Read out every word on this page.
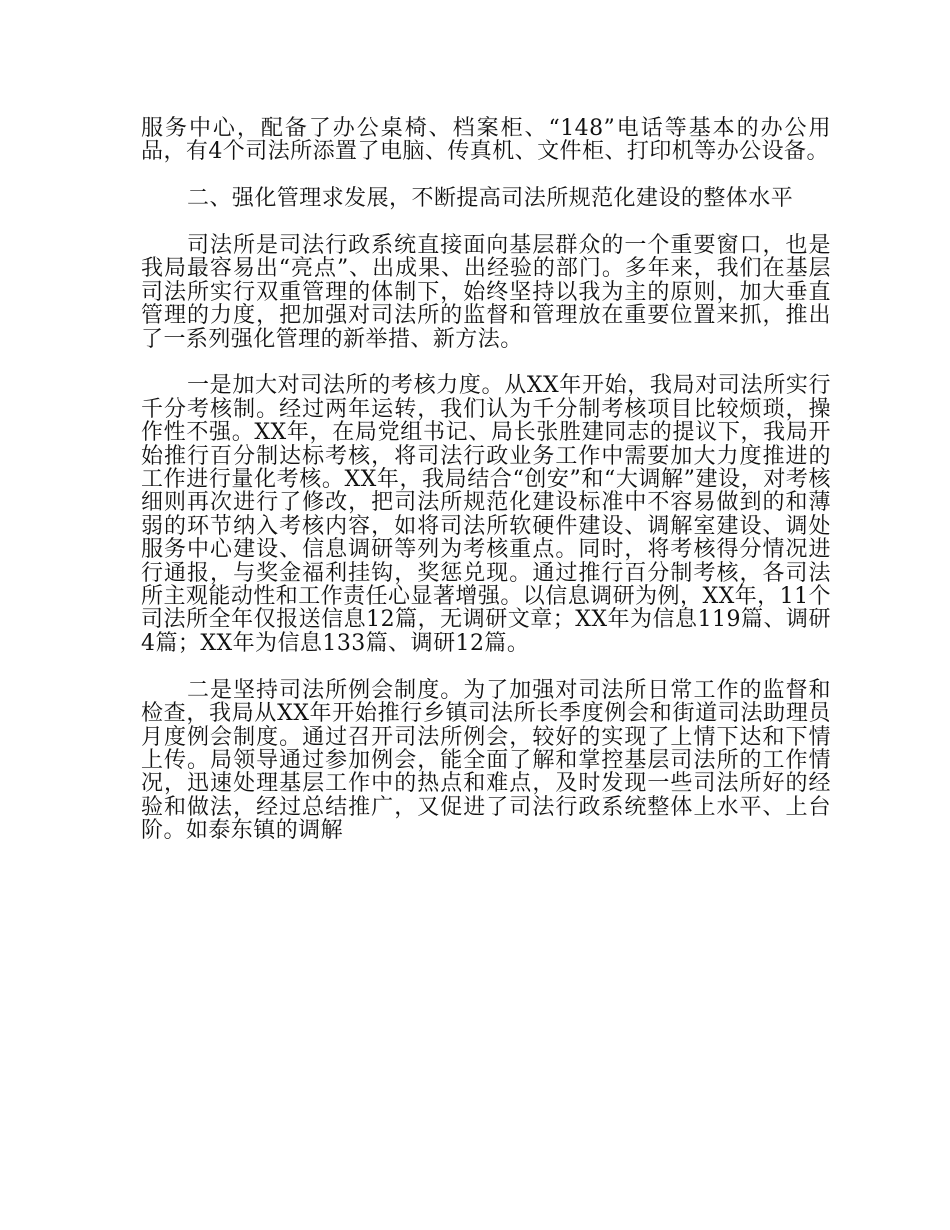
服务中心，配备了办公桌椅、档案柜、“148”电话等基本的办公用品，有4个司法所添置了电脑、传真机、文件柜、打印机等办公设备。

二、强化管理求发展，不断提高司法所规范化建设的整体水平

司法所是司法行政系统直接面向基层群众的一个重要窗口，也是我局最容易出“亮点”、出成果、出经验的部门。多年来，我们在基层司法所实行双重管理的体制下，始终坚持以我为主的原则，加大垂直管理的力度，把加强对司法所的监督和管理放在重要位置来抓，推出了一系列强化管理的新举措、新方法。

一是加大对司法所的考核力度。从XX年开始，我局对司法所实行千分考核制。经过两年运转，我们认为千分制考核项目比较烦琐，操作性不强。XX年，在局党组书记、局长张胜建同志的提议下，我局开始推行百分制达标考核，将司法行政业务工作中需要加大力度推进的工作进行量化考核。XX年，我局结合“创安”和“大调解”建设，对考核细则再次进行了修改，把司法所规范化建设标准中不容易做到的和薄弱的环节纳入考核内容，如将司法所软硬件建设、调解室建设、调处服务中心建设、信息调研等列为考核重点。同时，将考核得分情况进行通报，与奖金福利挂钩，奖惩兑现。通过推行百分制考核，各司法所主观能动性和工作责任心显著增强。以信息调研为例，XX年，11个司法所全年仅报送信息12篇，无调研文章；XX年为信息119篇、调研4篇；XX年为信息133篇、调研12篇。

二是坚持司法所例会制度。为了加强对司法所日常工作的监督和检查，我局从XX年开始推行乡镇司法所长季度例会和街道司法助理员月度例会制度。通过召开司法所例会，较好的实现了上情下达和下情上传。局领导通过参加例会，能全面了解和掌控基层司法所的工作情况，迅速处理基层工作中的热点和难点，及时发现一些司法所好的经验和做法，经过总结推广，又促进了司法行政系统整体上水平、上台阶。如泰东镇的调解
